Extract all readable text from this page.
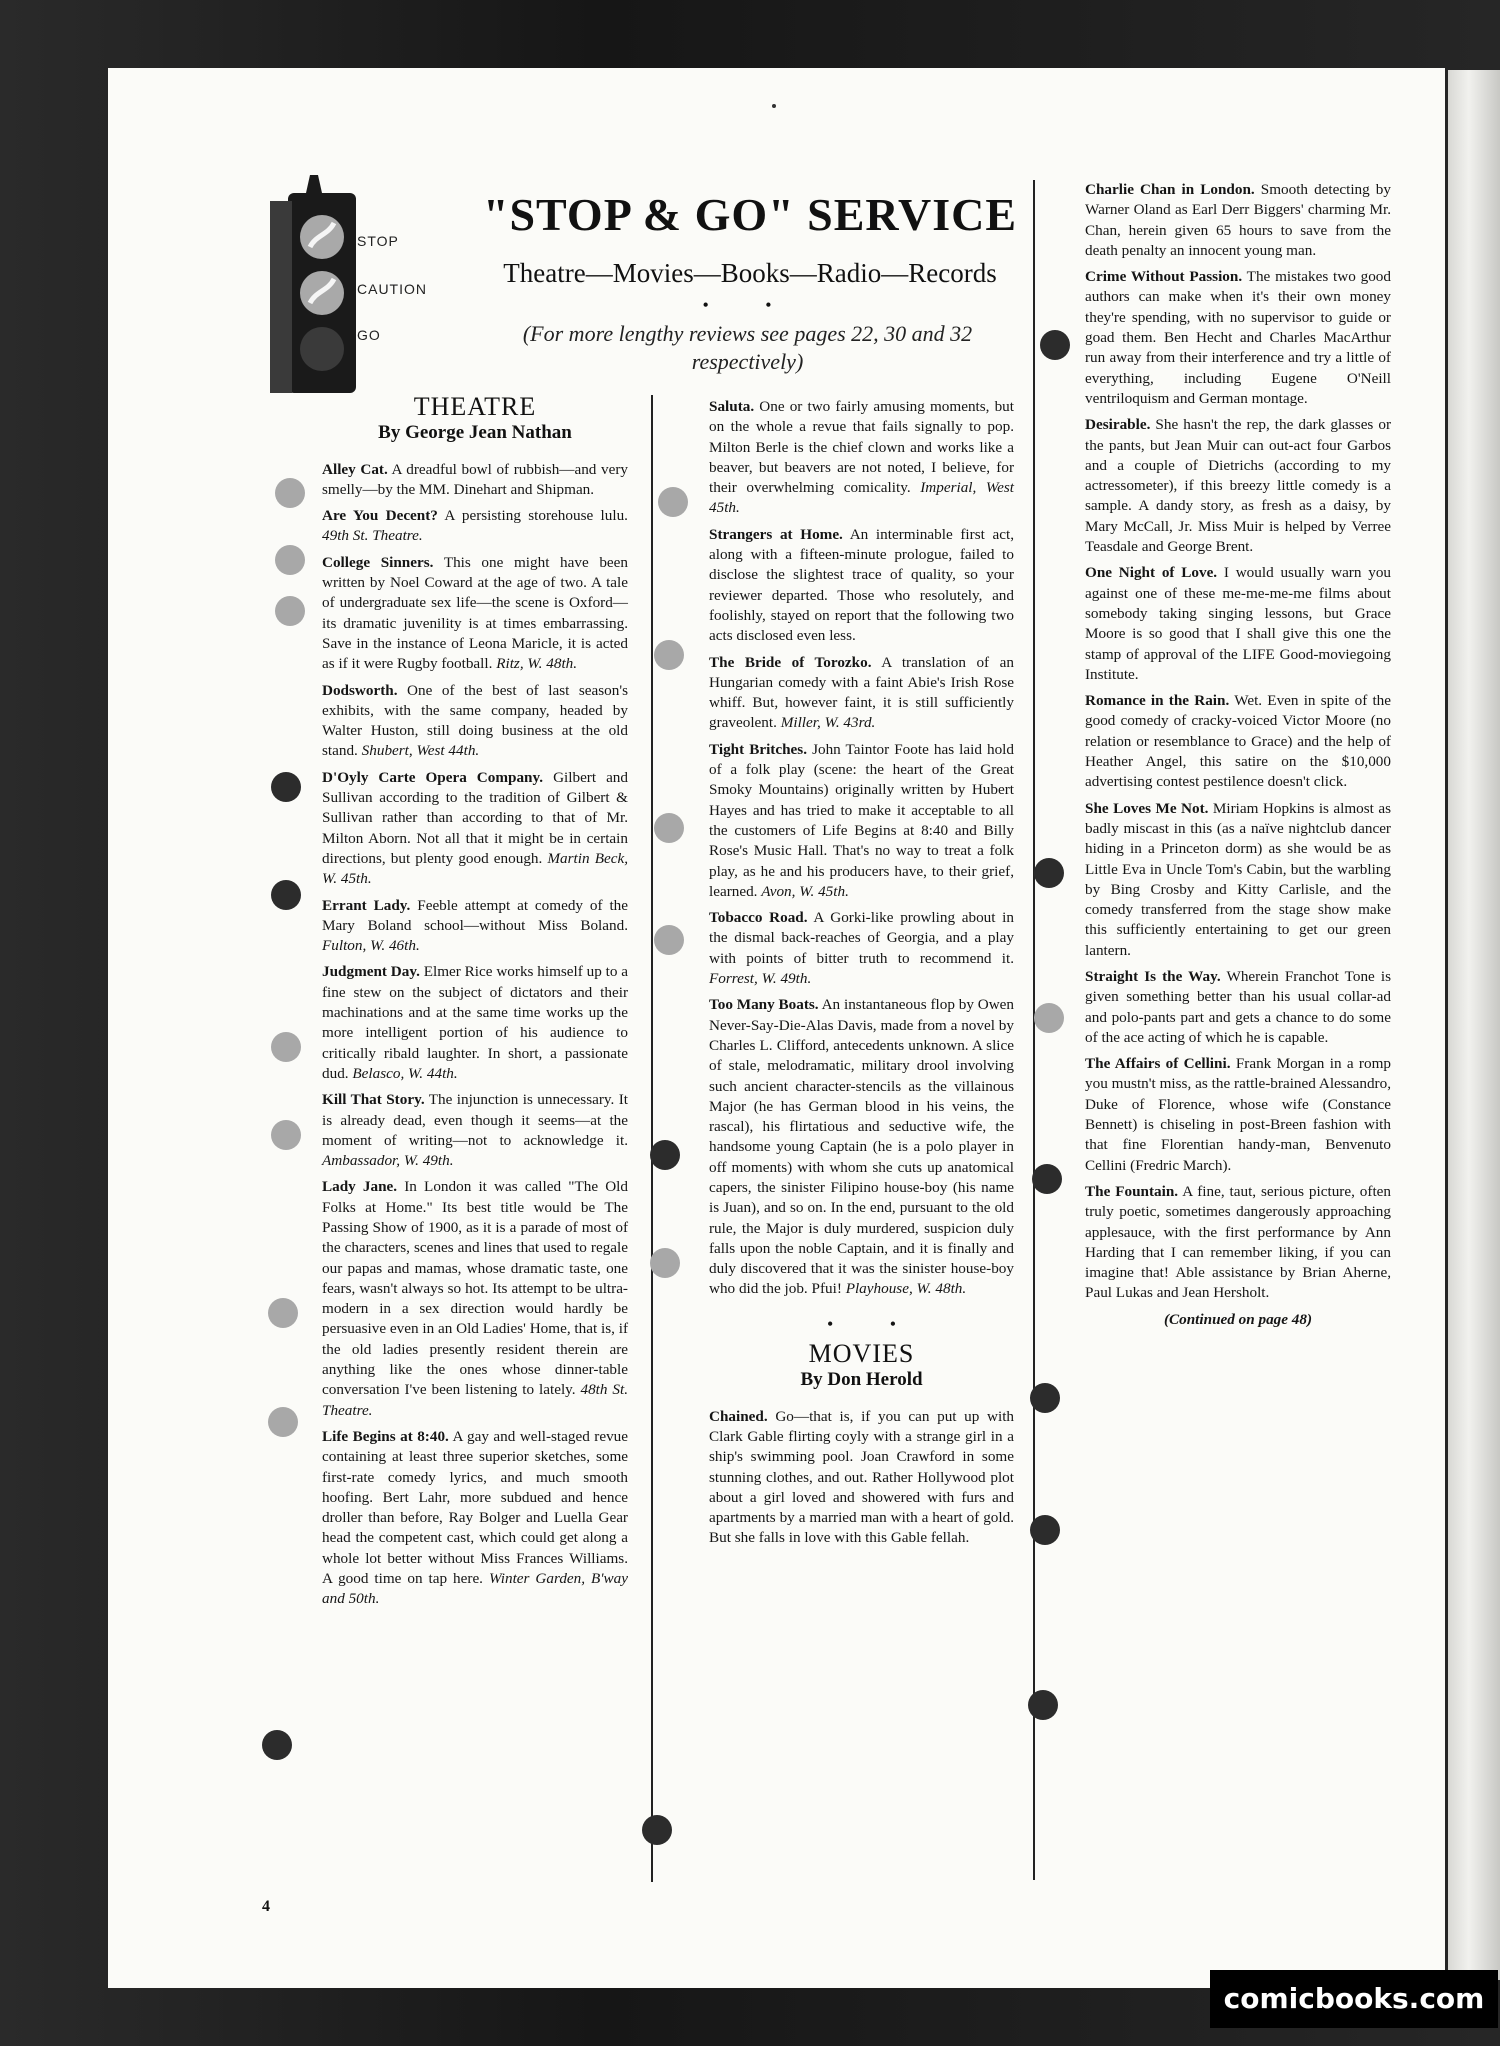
STOP
CAUTION
GO
"STOP & GO" SERVICE
Theatre—Movies—Books—Radio—Records
• •
(For more lengthy reviews see pages 22, 30 and 32 respectively)
THEATRE
By George Jean Nathan

Alley Cat. A dreadful bowl of rubbish—and very smelly—by the MM. Dinehart and Shipman.

Are You Decent? A persisting storehouse lulu. 49th St. Theatre.

College Sinners. This one might have been written by Noel Coward at the age of two. A tale of undergraduate sex life—the scene is Oxford—its dramatic juvenility is at times embarrassing. Save in the instance of Leona Maricle, it is acted as if it were Rugby football. Ritz, W. 48th.

Dodsworth. One of the best of last season's exhibits, with the same company, headed by Walter Huston, still doing business at the old stand. Shubert, West 44th.

D'Oyly Carte Opera Company. Gilbert and Sullivan according to the tradition of Gilbert & Sullivan rather than according to that of Mr. Milton Aborn. Not all that it might be in certain directions, but plenty good enough. Martin Beck, W. 45th.

Errant Lady. Feeble attempt at comedy of the Mary Boland school—without Miss Boland. Fulton, W. 46th.

Judgment Day. Elmer Rice works himself up to a fine stew on the subject of dictators and their machinations and at the same time works up the more intelligent portion of his audience to critically ribald laughter. In short, a passionate dud. Belasco, W. 44th.

Kill That Story. The injunction is unnecessary. It is already dead, even though it seems—at the moment of writing—not to acknowledge it. Ambassador, W. 49th.

Lady Jane. In London it was called "The Old Folks at Home." Its best title would be The Passing Show of 1900, as it is a parade of most of the characters, scenes and lines that used to regale our papas and mamas, whose dramatic taste, one fears, wasn't always so hot. Its attempt to be ultra-modern in a sex direction would hardly be persuasive even in an Old Ladies' Home, that is, if the old ladies presently resident therein are anything like the ones whose dinner-table conversation I've been listening to lately. 48th St. Theatre.

Life Begins at 8:40. A gay and well-staged revue containing at least three superior sketches, some first-rate comedy lyrics, and much smooth hoofing. Bert Lahr, more subdued and hence droller than before, Ray Bolger and Luella Gear head the competent cast, which could get along a whole lot better without Miss Frances Williams. A good time on tap here. Winter Garden, B'way and 50th.

Saluta. One or two fairly amusing moments, but on the whole a revue that fails signally to pop. Milton Berle is the chief clown and works like a beaver, but beavers are not noted, I believe, for their overwhelming comicality. Imperial, West 45th.

Strangers at Home. An interminable first act, along with a fifteen-minute prologue, failed to disclose the slightest trace of quality, so your reviewer departed. Those who resolutely, and foolishly, stayed on report that the following two acts disclosed even less.

The Bride of Torozko. A translation of an Hungarian comedy with a faint Abie's Irish Rose whiff. But, however faint, it is still sufficiently graveolent. Miller, W. 43rd.

Tight Britches. John Taintor Foote has laid hold of a folk play (scene: the heart of the Great Smoky Mountains) originally written by Hubert Hayes and has tried to make it acceptable to all the customers of Life Begins at 8:40 and Billy Rose's Music Hall. That's no way to treat a folk play, as he and his producers have, to their grief, learned. Avon, W. 45th.

Tobacco Road. A Gorki-like prowling about in the dismal back-reaches of Georgia, and a play with points of bitter truth to recommend it. Forrest, W. 49th.

Too Many Boats. An instantaneous flop by Owen Never-Say-Die-Alas Davis, made from a novel by Charles L. Clifford, antecedents unknown. A slice of stale, melodramatic, military drool involving such ancient character-stencils as the villainous Major (he has German blood in his veins, the rascal), his flirtatious and seductive wife, the handsome young Captain (he is a polo player in off moments) with whom she cuts up anatomical capers, the sinister Filipino house-boy (his name is Juan), and so on. In the end, pursuant to the old rule, the Major is duly murdered, suspicion duly falls upon the noble Captain, and it is finally and duly discovered that it was the sinister house-boy who did the job. Pfui! Playhouse, W. 48th.

• •
MOVIES
By Don Herold

Chained. Go—that is, if you can put up with Clark Gable flirting coyly with a strange girl in a ship's swimming pool. Joan Crawford in some stunning clothes, and out. Rather Hollywood plot about a girl loved and showered with furs and apartments by a married man with a heart of gold. But she falls in love with this Gable fellah.

Charlie Chan in London. Smooth detecting by Warner Oland as Earl Derr Biggers' charming Mr. Chan, herein given 65 hours to save from the death penalty an innocent young man.

Crime Without Passion. The mistakes two good authors can make when it's their own money they're spending, with no supervisor to guide or goad them. Ben Hecht and Charles MacArthur run away from their interference and try a little of everything, including Eugene O'Neill ventriloquism and German montage.

Desirable. She hasn't the rep, the dark glasses or the pants, but Jean Muir can out-act four Garbos and a couple of Dietrichs (according to my actressometer), if this breezy little comedy is a sample. A dandy story, as fresh as a daisy, by Mary McCall, Jr. Miss Muir is helped by Verree Teasdale and George Brent.

One Night of Love. I would usually warn you against one of these me-me-me-me films about somebody taking singing lessons, but Grace Moore is so good that I shall give this one the stamp of approval of the LIFE Good-moviegoing Institute.

Romance in the Rain. Wet. Even in spite of the good comedy of cracky-voiced Victor Moore (no relation or resemblance to Grace) and the help of Heather Angel, this satire on the $10,000 advertising contest pestilence doesn't click.

She Loves Me Not. Miriam Hopkins is almost as badly miscast in this (as a naïve nightclub dancer hiding in a Princeton dorm) as she would be as Little Eva in Uncle Tom's Cabin, but the warbling by Bing Crosby and Kitty Carlisle, and the comedy transferred from the stage show make this sufficiently entertaining to get our green lantern.

Straight Is the Way. Wherein Franchot Tone is given something better than his usual collar-ad and polo-pants part and gets a chance to do some of the ace acting of which he is capable.

The Affairs of Cellini. Frank Morgan in a romp you mustn't miss, as the rattle-brained Alessandro, Duke of Florence, whose wife (Constance Bennett) is chiseling in post-Breen fashion with that fine Florentian handy-man, Benvenuto Cellini (Fredric March).

The Fountain. A fine, taut, serious picture, often truly poetic, sometimes dangerously approaching applesauce, with the first performance by Ann Harding that I can remember liking, if you can imagine that! Able assistance by Brian Aherne, Paul Lukas and Jean Hersholt.

(Continued on page 48)
4
comicbooks.com
